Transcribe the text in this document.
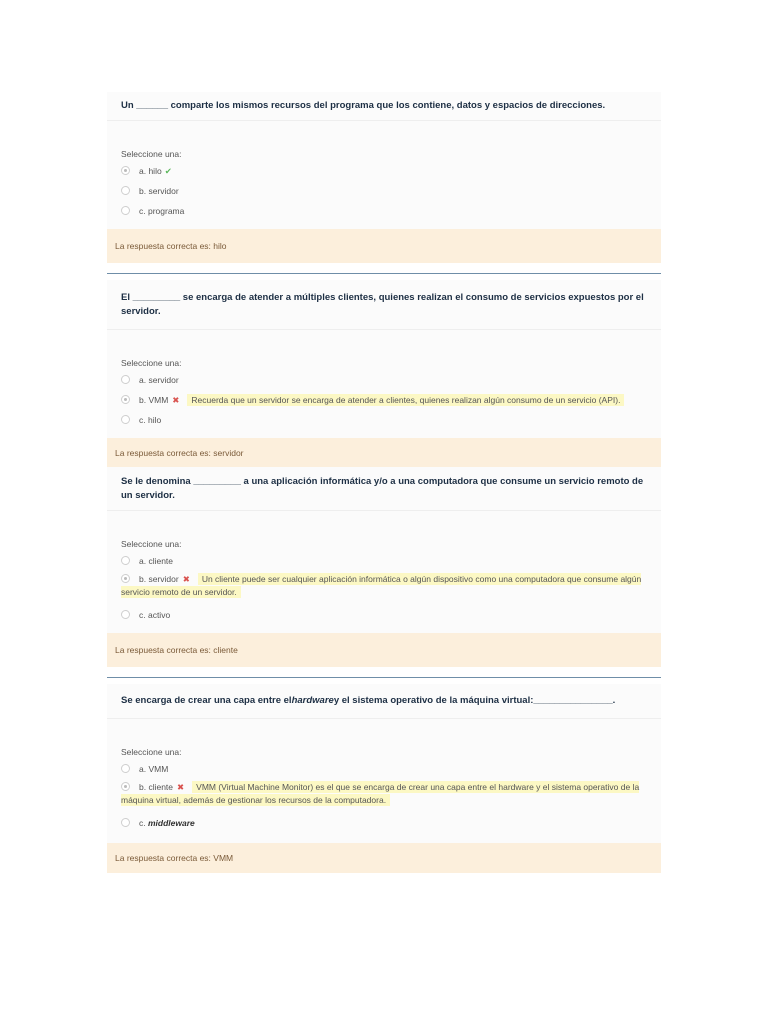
Un ______ comparte los mismos recursos del programa que los contiene, datos y espacios de direcciones.
Seleccione una:
a. hilo ✔
b. servidor
c. programa
La respuesta correcta es: hilo
El _________ se encarga de atender a múltiples clientes, quienes realizan el consumo de servicios expuestos por el servidor.
Seleccione una:
a. servidor
b. VMM ✖ Recuerda que un servidor se encarga de atender a clientes, quienes realizan algún consumo de un servicio (API).
c. hilo
La respuesta correcta es: servidor
Se le denomina _________ a una aplicación informática y/o a una computadora que consume un servicio remoto de un servidor.
Seleccione una:
a. cliente
b. servidor ✖ Un cliente puede ser cualquier aplicación informática o algún dispositivo como una computadora que consume algún servicio remoto de un servidor.
c. activo
La respuesta correcta es: cliente
Se encarga de crear una capa entre el hardware y el sistema operativo de la máquina virtual:_______________.
Seleccione una:
a. VMM
b. cliente ✖ VMM (Virtual Machine Monitor) es el que se encarga de crear una capa entre el hardware y el sistema operativo de la máquina virtual, además de gestionar los recursos de la computadora.
c. middleware
La respuesta correcta es: VMM
